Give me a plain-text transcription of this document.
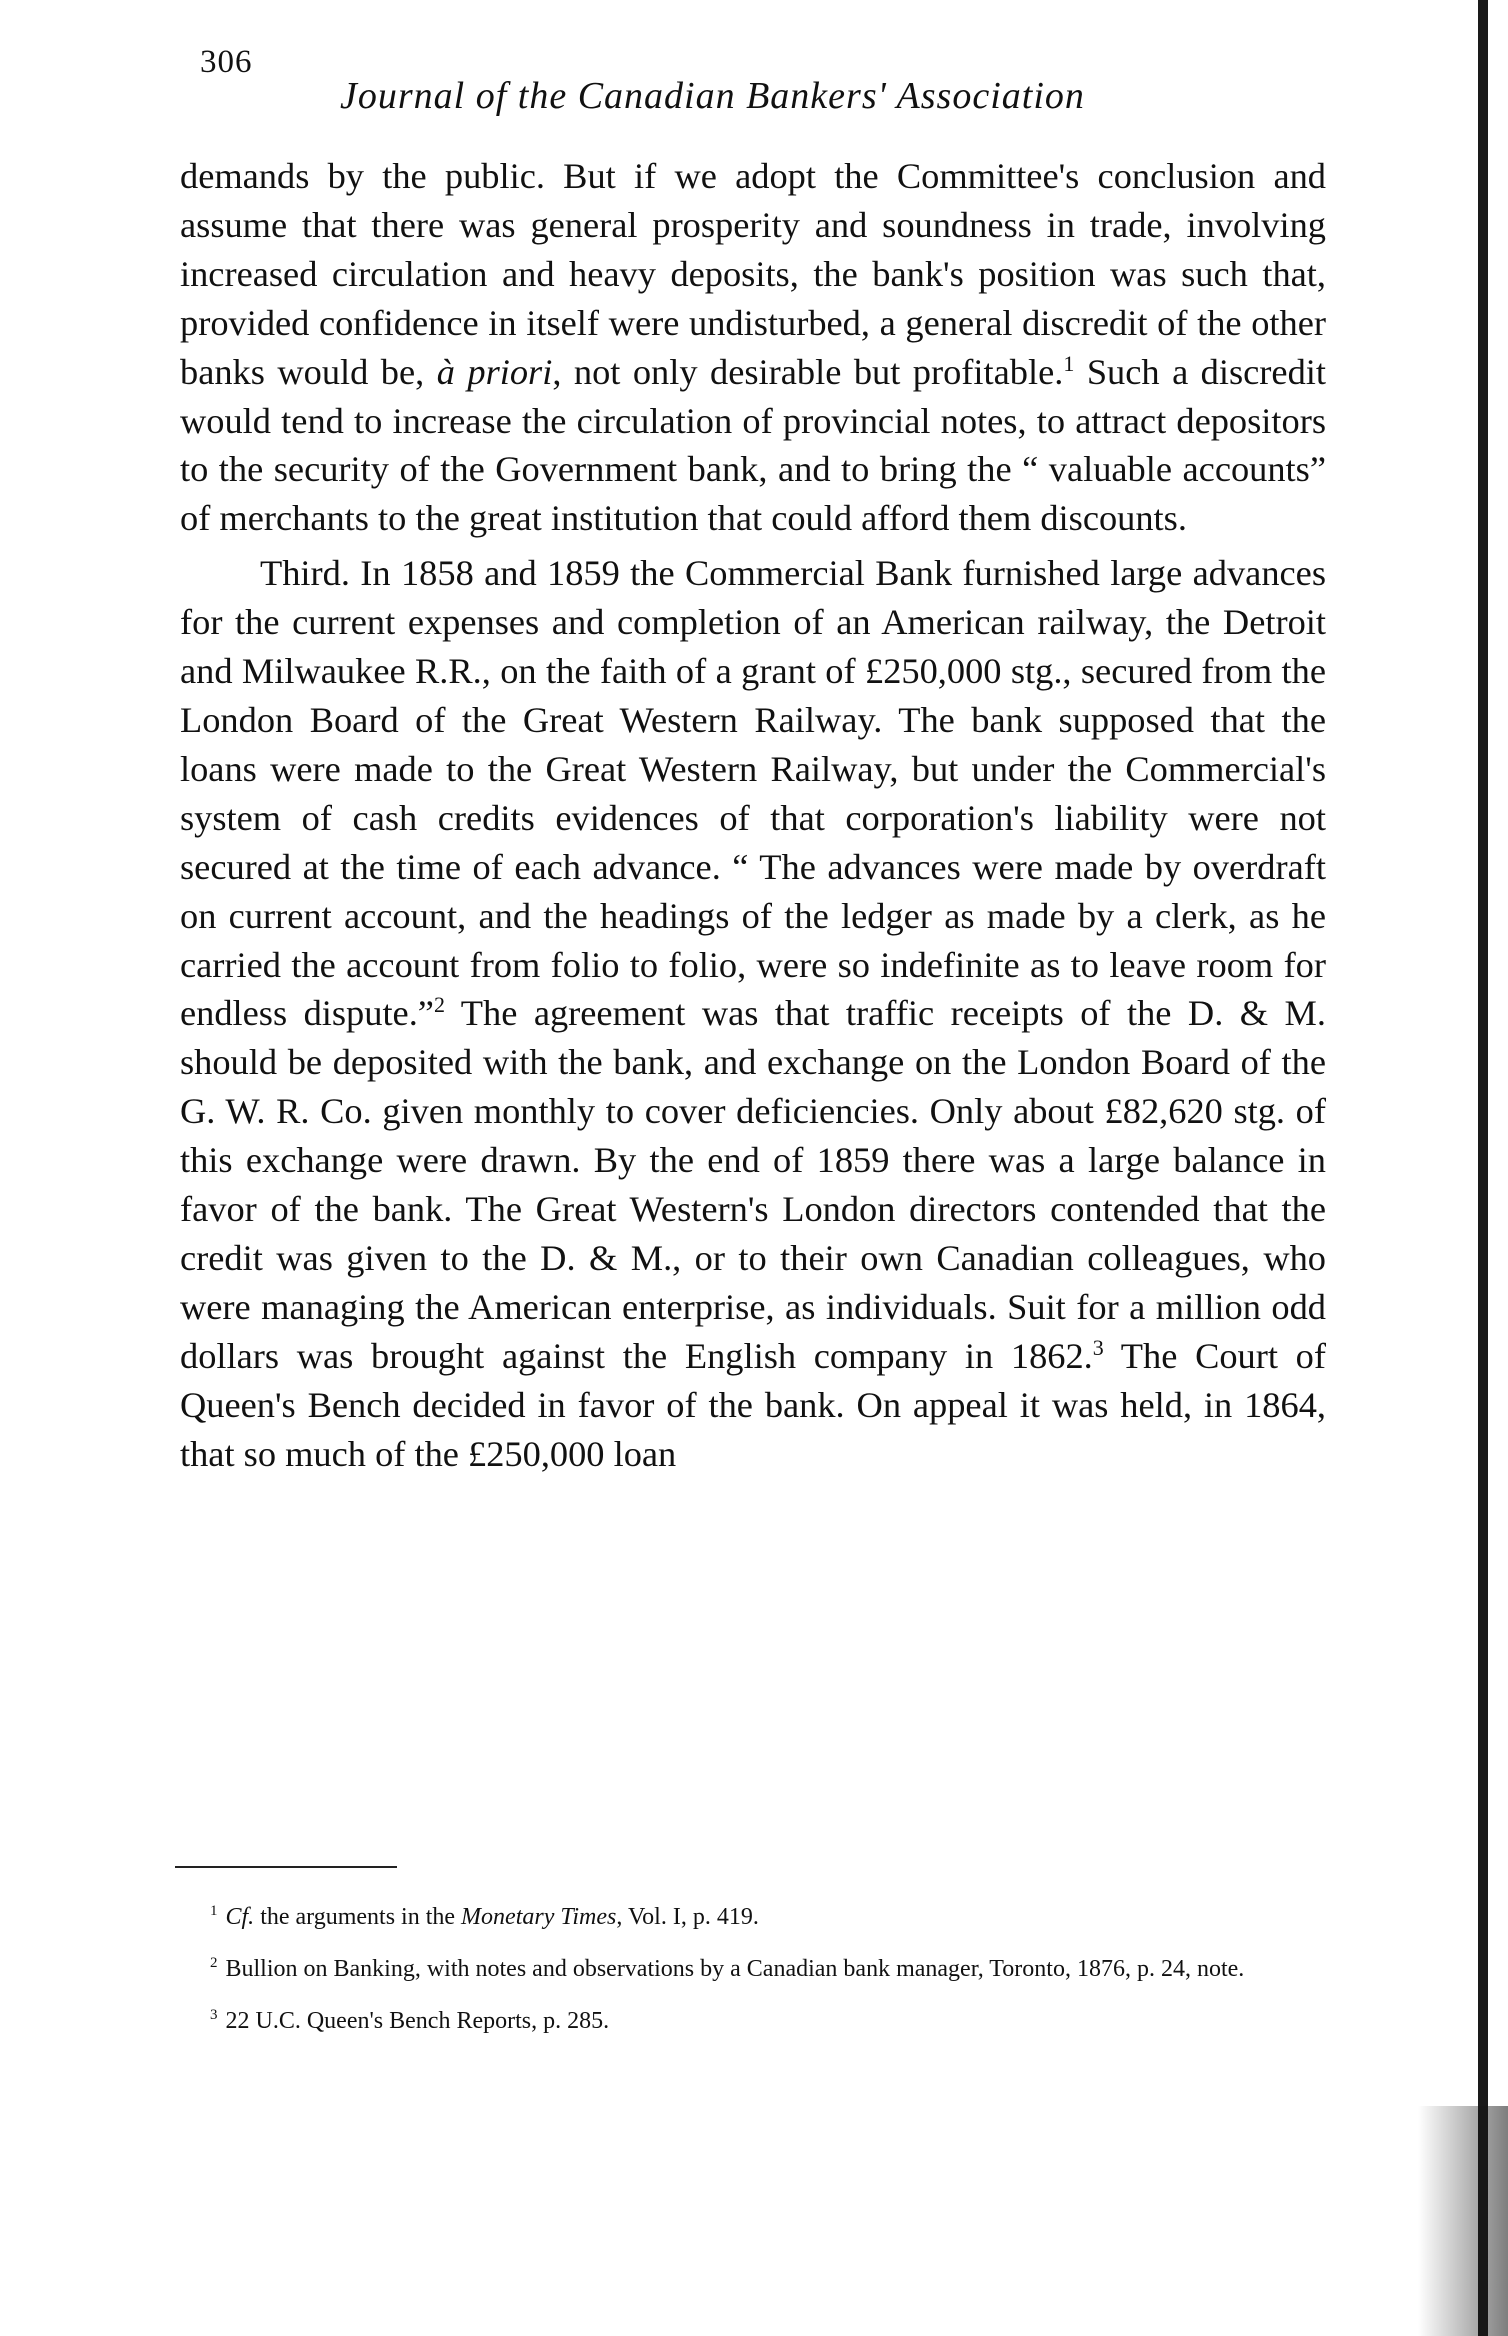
306
Journal of the Canadian Bankers' Association

demands by the public. But if we adopt the Committee's conclusion and assume that there was general prosperity and soundness in trade, involving increased circulation and heavy deposits, the bank's position was such that, provided confidence in itself were undisturbed, a general discredit of the other banks would be, à priori, not only desirable but profitable.$^1$ Such a discredit would tend to increase the circulation of provincial notes, to attract depositors to the security of the Government bank, and to bring the “ valuable accounts” of merchants to the great institution that could afford them discounts.

Third. In 1858 and 1859 the Commercial Bank furnished large advances for the current expenses and completion of an American railway, the Detroit and Milwaukee R.R., on the faith of a grant of £250,000 stg., secured from the London Board of the Great Western Railway. The bank supposed that the loans were made to the Great Western Railway, but under the Commercial's system of cash credits evidences of that corporation's liability were not secured at the time of each advance. “ The advances were made by overdraft on current account, and the headings of the ledger as made by a clerk, as he carried the account from folio to folio, were so indefinite as to leave room for endless dispute.”$^2$ The agreement was that traffic receipts of the D. & M. should be deposited with the bank, and exchange on the London Board of the G. W. R. Co. given monthly to cover deficiencies. Only about £82,620 stg. of this exchange were drawn. By the end of 1859 there was a large balance in favor of the bank. The Great Western's London directors contended that the credit was given to the D. & M., or to their own Canadian colleagues, who were managing the American enterprise, as individuals. Suit for a million odd dollars was brought against the English company in 1862.$^3$ The Court of Queen's Bench decided in favor of the bank. On appeal it was held, in 1864, that so much of the £250,000 loan

$^1$ Cf. the arguments in the Monetary Times, Vol. I, p. 419.

$^2$ Bullion on Banking, with notes and observations by a Canadian bank manager, Toronto, 1876, p. 24, note.

$^3$ 22 U.C. Queen's Bench Reports, p. 285.
